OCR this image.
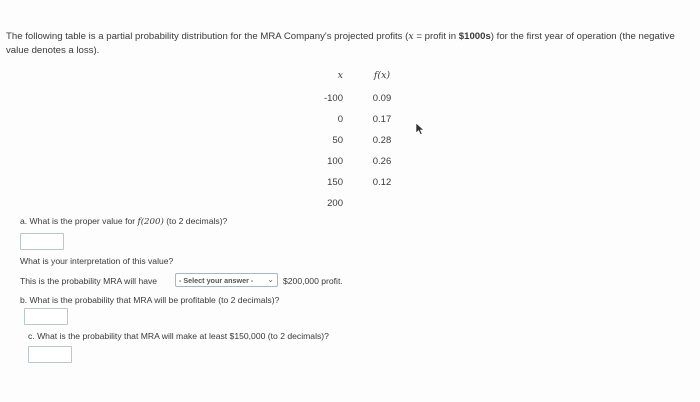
The following table is a partial probability distribution for the MRA Company's projected profits (x = profit in $1000s) for the first year of operation (the negative value denotes a loss).
x	f(x)
-100	0.09
0	0.17
50	0.28
100	0.26
150	0.12
200
a. What is the proper value for f(200) (to 2 decimals)?
What is your interpretation of this value?
This is the probability MRA will have	- Select your answer - ⌄ $200,000 profit.
b. What is the probability that MRA will be profitable (to 2 decimals)?
c. What is the probability that MRA will make at least $150,000 (to 2 decimals)?
